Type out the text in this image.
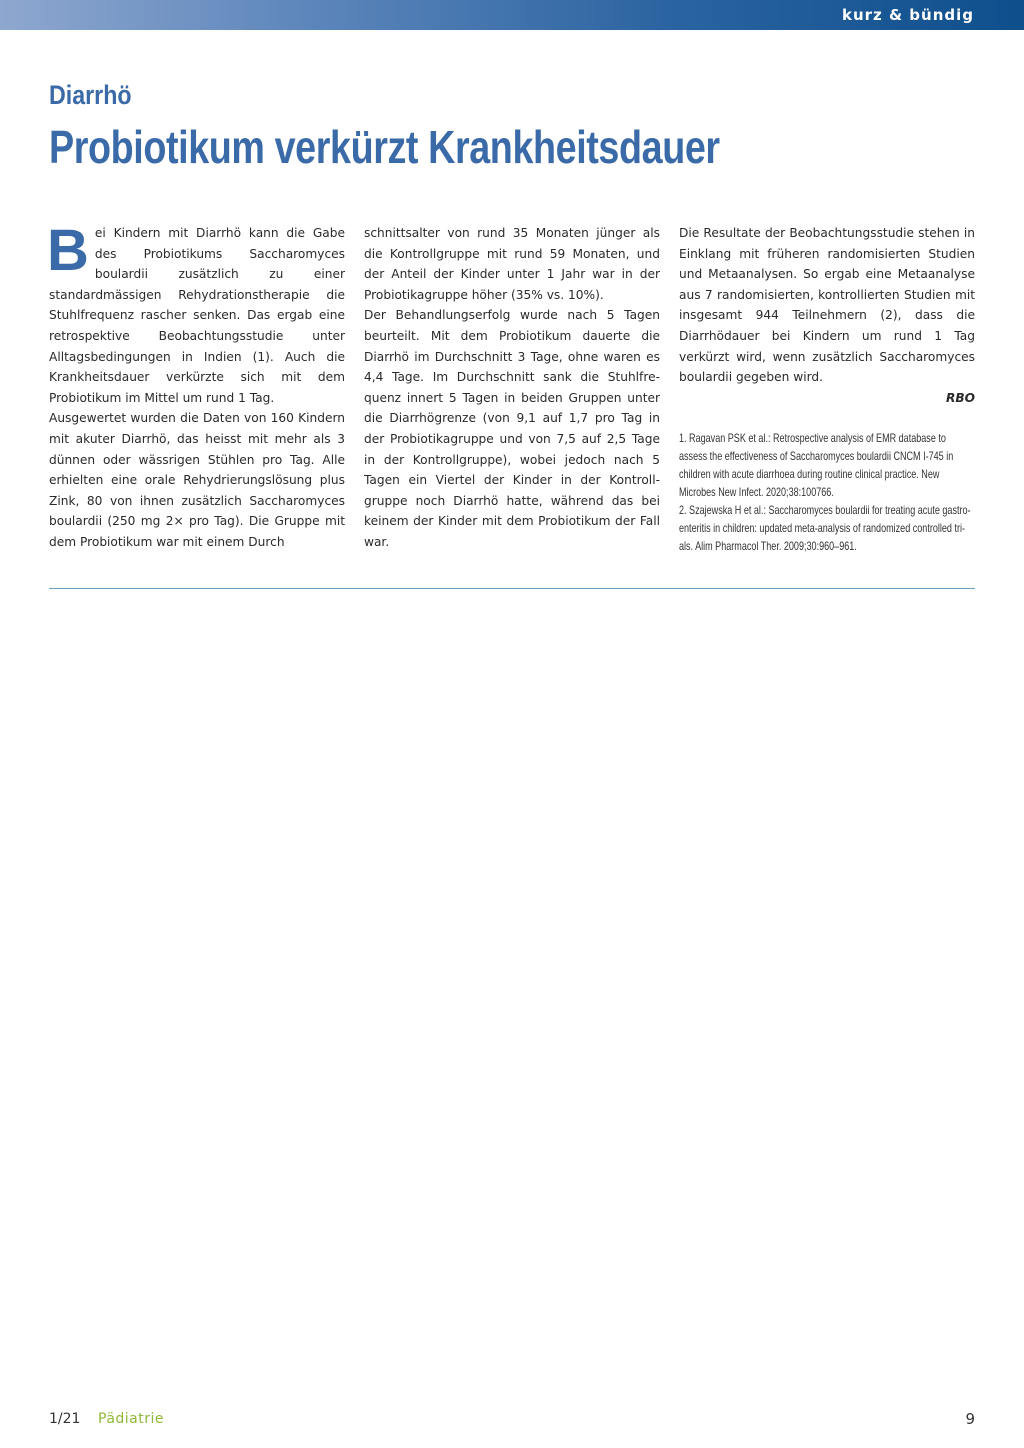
kurz & bündig
Diarrhö
Probiotikum verkürzt Krankheitsdauer
B ei Kindern mit Diarrhö kann die Gabe des Probiotikums Saccharomyces boulardii zusätzlich zu einer standardmässigen Rehydrationstherapie die Stuhlfrequenz rascher senken. Das ergab eine retrospektive Beobachtungsstudie unter Alltagsbedingungen in Indien (1). Auch die Krankheitsdauer verkürzte sich mit dem Probiotikum im Mittel um rund 1 Tag.

Ausgewertet wurden die Daten von 160 Kindern mit akuter Diarrhö, das heisst mit mehr als 3 dünnen oder wässrigen Stühlen pro Tag. Alle erhielten eine orale Rehydrierungslösung plus Zink, 80 von ihnen zusätzlich Saccharomyces boulardii (250 mg 2× pro Tag). Die Gruppe mit dem Probiotikum war mit einem Durch

schnittsalter von rund 35 Monaten jünger als die Kontrollgruppe mit rund 59 Monaten, und der Anteil der Kinder unter 1 Jahr war in der Probiotikagruppe höher (35% vs. 10%).

Der Behandlungserfolg wurde nach 5 Tagen beurteilt. Mit dem Probiotikum dauerte die Diarrhö im Durchschnitt 3 Tage, ohne waren es 4,4 Tage. Im Durchschnitt sank die Stuhlfrequenz innert 5 Tagen in beiden Gruppen unter die Diarrhögrenze (von 9,1 auf 1,7 pro Tag in der Probiotikagruppe und von 7,5 auf 2,5 Tage in der Kontrollgruppe), wobei jedoch nach 5 Tagen ein Viertel der Kinder in der Kontrollgruppe noch Diarrhö hatte, während das bei keinem der Kinder mit dem Probiotikum der Fall war.

Die Resultate der Beobachtungsstudie stehen in Einklang mit früheren randomisierten Studien und Metaanalysen. So ergab eine Metaanalyse aus 7 randomisierten, kontrollierten Studien mit insgesamt 944 Teilnehmern (2), dass die Diarrhödauer bei Kindern um rund 1 Tag verkürzt wird, wenn zusätzlich Saccharomyces boulardii gegeben wird.

RBO

1. Ragavan PSK et al.: Retrospective analysis of EMR database to assess the effectiveness of Saccharomyces boulardii CNCM I-745 in children with acute diarrhoea during routine clinical practice. New Microbes New Infect. 2020;38:100766.

2. Szajewska H et al.: Saccharomyces boulardii for treating acute gastroenteritis in children: updated meta-analysis of randomized controlled trials. Alim Pharmacol Ther. 2009;30:960–961.

1/21 Pädiatrie	9
